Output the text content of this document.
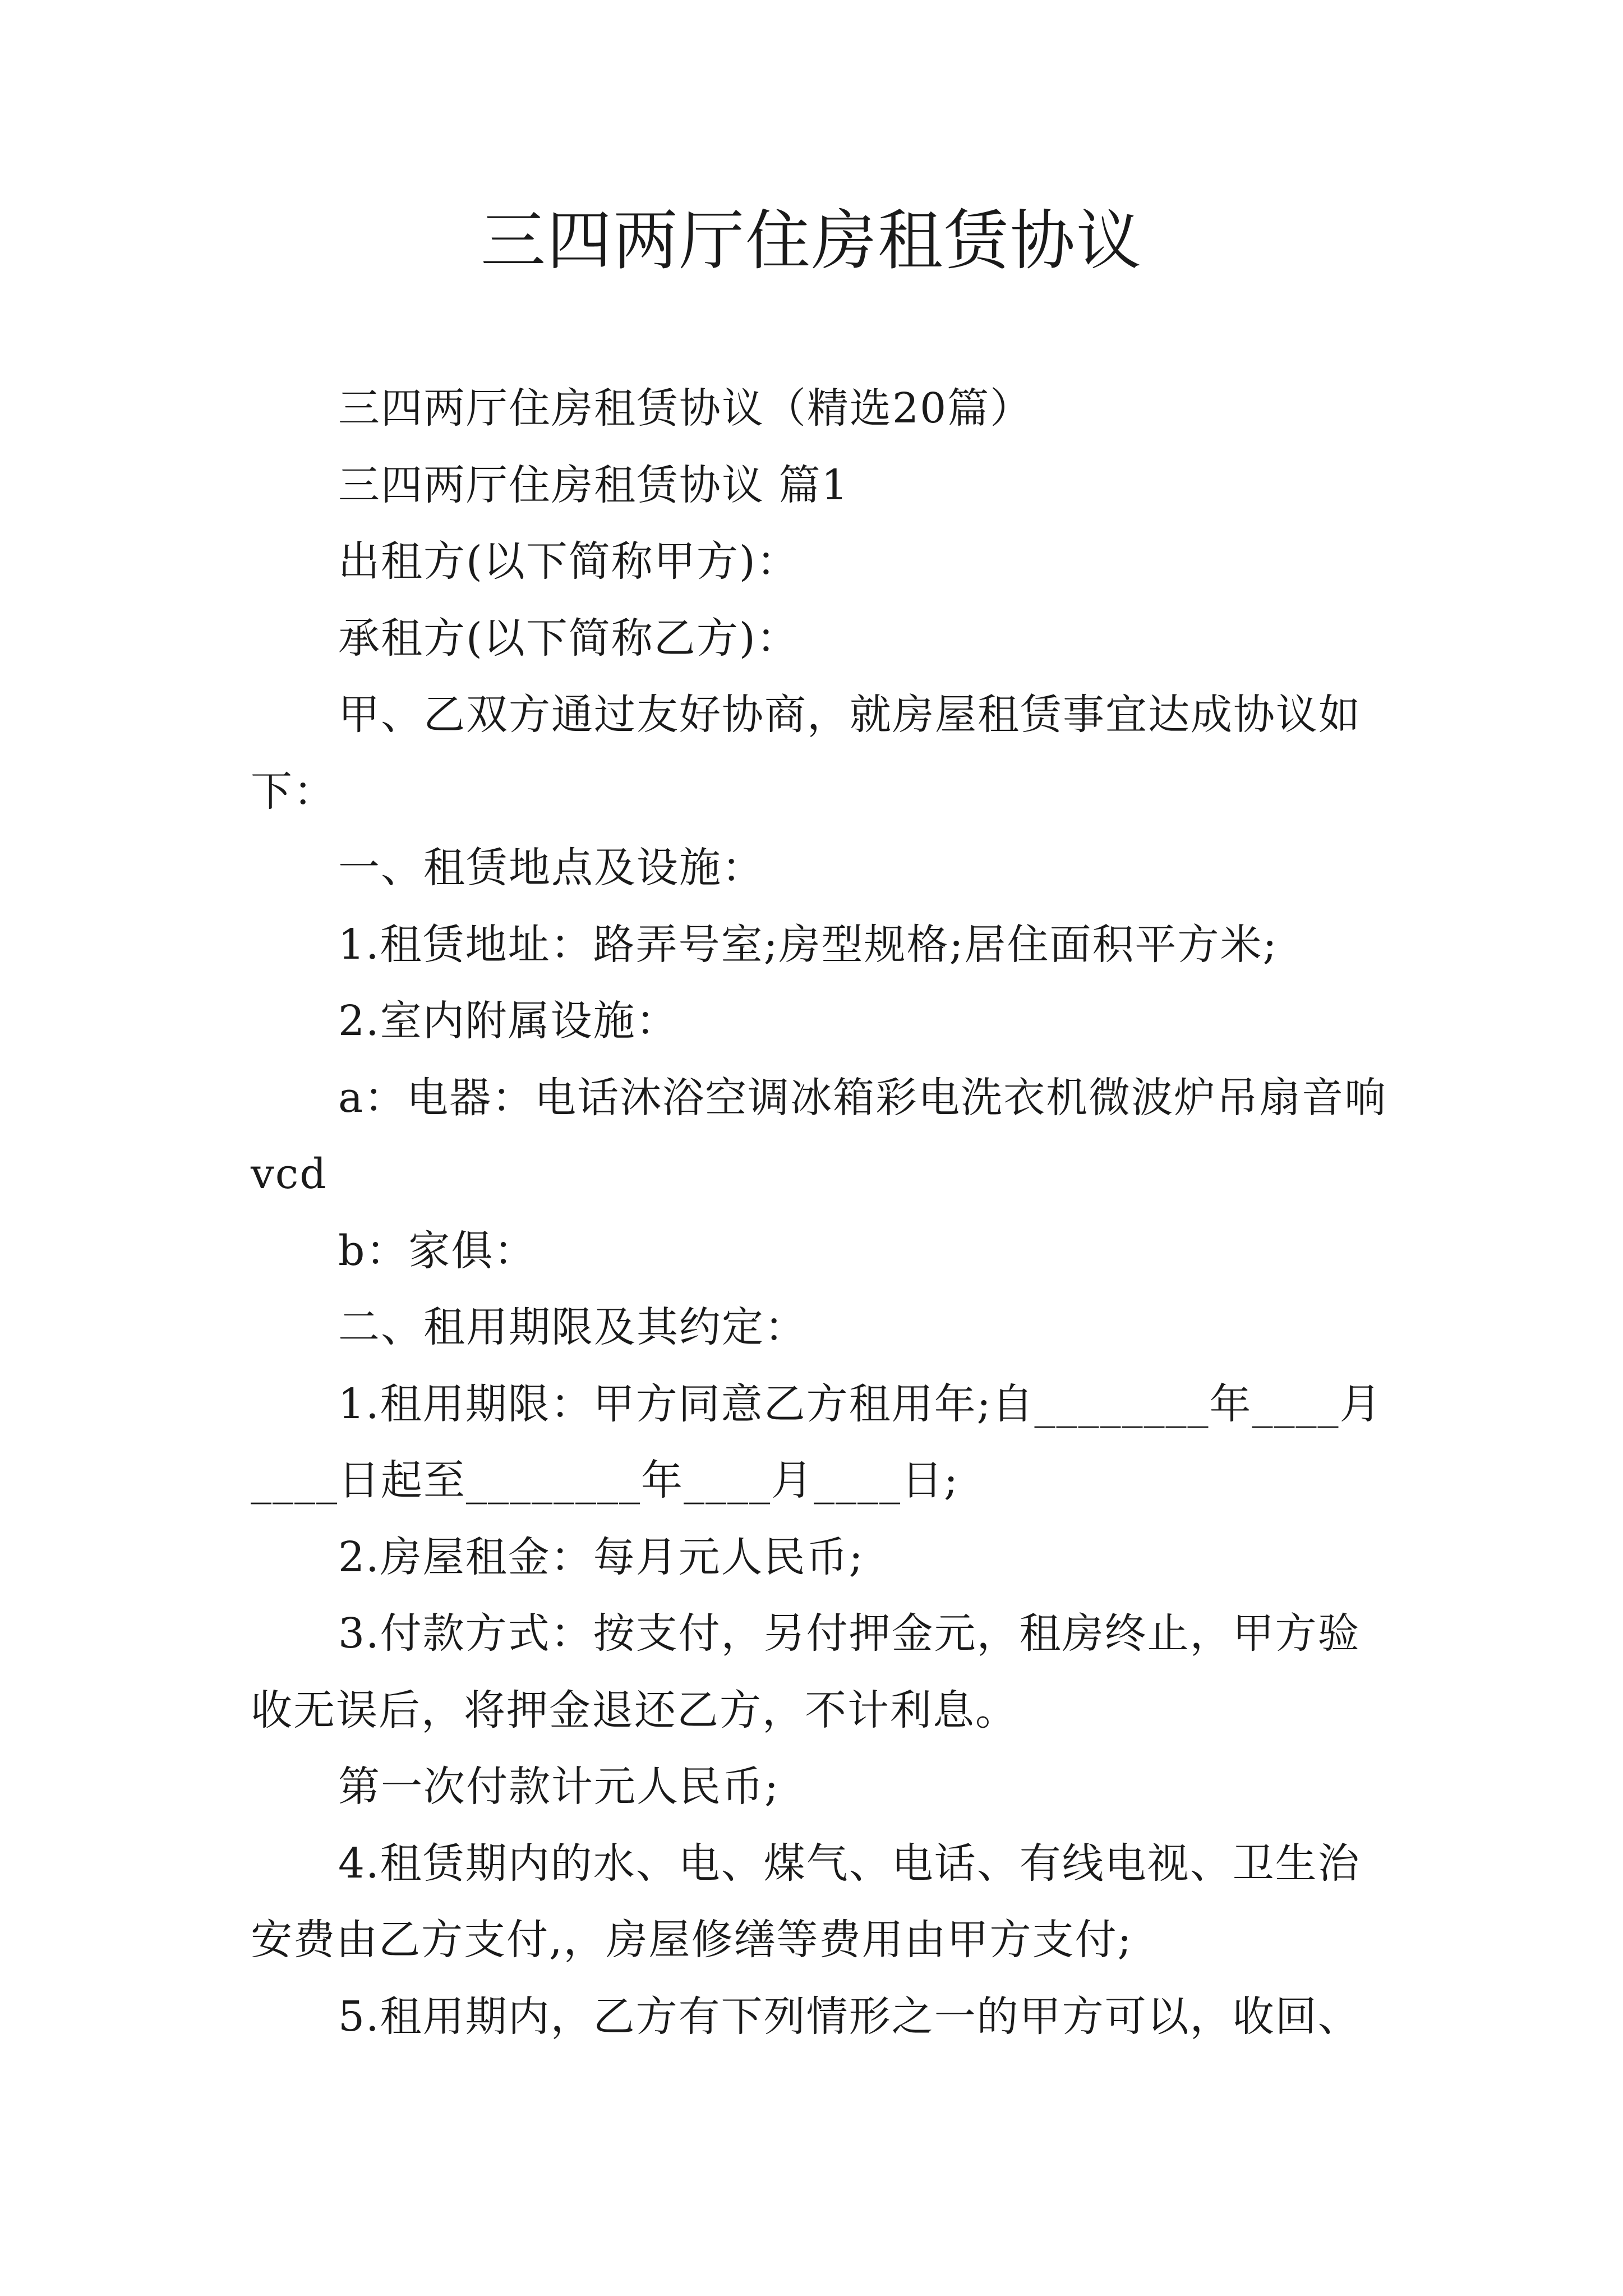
三四两厅住房租赁协议

三四两厅住房租赁协议（精选20篇）

三四两厅住房租赁协议 篇1

出租方(以下简称甲方)：

承租方(以下简称乙方)：

甲、乙双方通过友好协商，就房屋租赁事宜达成协议如下：

一、租赁地点及设施：

1.租赁地址：路弄号室;房型规格;居住面积平方米;

2.室内附属设施：

a：电器：电话沐浴空调冰箱彩电洗衣机微波炉吊扇音响vcd

b：家俱：

二、租用期限及其约定：

1.租用期限：甲方同意乙方租用年;自________年____月____日起至________年____月____日;

2.房屋租金：每月元人民币;

3.付款方式：按支付，另付押金元，租房终止，甲方验收无误后，将押金退还乙方，不计利息。

第一次付款计元人民币;

4.租赁期内的水、电、煤气、电话、有线电视、卫生治安费由乙方支付,，房屋修缮等费用由甲方支付;

5.租用期内，乙方有下列情形之一的甲方可以，收回、
